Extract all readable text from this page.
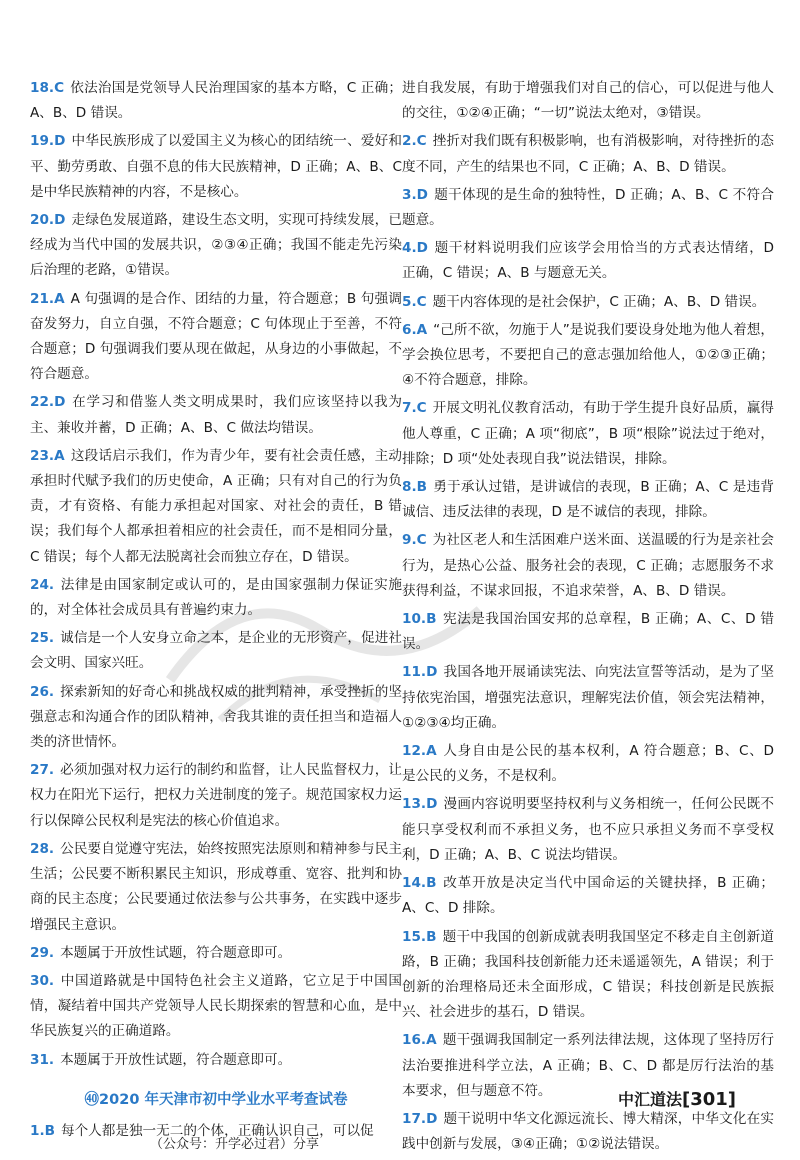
18.C 依法治国是党领导人民治理国家的基本方略，C 正确；A、B、D 错误。
19.D 中华民族形成了以爱国主义为核心的团结统一、爱好和平、勤劳勇敢、自强不息的伟大民族精神，D 正确；A、B、C 是中华民族精神的内容，不是核心。
20.D 走绿色发展道路，建设生态文明，实现可持续发展，已经成为当代中国的发展共识，②③④正确；我国不能走先污染后治理的老路，①错误。
21.A A 句强调的是合作、团结的力量，符合题意；B 句强调奋发努力，自立自强，不符合题意；C 句体现止于至善，不符合题意；D 句强调我们要从现在做起，从身边的小事做起，不符合题意。
22.D 在学习和借鉴人类文明成果时，我们应该坚持以我为主、兼收并蓄，D 正确；A、B、C 做法均错误。
23.A 这段话启示我们，作为青少年，要有社会责任感，主动承担时代赋予我们的历史使命，A 正确；只有对自己的行为负责，才有资格、有能力承担起对国家、对社会的责任，B 错误；我们每个人都承担着相应的社会责任，而不是相同分量，C 错误；每个人都无法脱离社会而独立存在，D 错误。
24. 法律是由国家制定或认可的，是由国家强制力保证实施的，对全体社会成员具有普遍约束力。
25. 诚信是一个人安身立命之本，是企业的无形资产，促进社会文明、国家兴旺。
26. 探索新知的好奇心和挑战权威的批判精神，承受挫折的坚强意志和沟通合作的团队精神，舍我其谁的责任担当和造福人类的济世情怀。
27. 必须加强对权力运行的制约和监督，让人民监督权力，让权力在阳光下运行，把权力关进制度的笼子。规范国家权力运行以保障公民权利是宪法的核心价值追求。
28. 公民要自觉遵守宪法，始终按照宪法原则和精神参与民主生活；公民要不断积累民主知识，形成尊重、宽容、批判和协商的民主态度；公民要通过依法参与公共事务，在实践中逐步增强民主意识。
29. 本题属于开放性试题，符合题意即可。
30. 中国道路就是中国特色社会主义道路，它立足于中国国情，凝结着中国共产党领导人民长期探索的智慧和心血，是中华民族复兴的正确道路。
31. 本题属于开放性试题，符合题意即可。
㊵2020 年天津市初中学业水平考查试卷
1.B 每个人都是独一无二的个体，正确认识自己，可以促
进自我发展，有助于增强我们对自己的信心，可以促进与他人的交往，①②④正确；“一切”说法太绝对，③错误。
2.C 挫折对我们既有积极影响，也有消极影响，对待挫折的态度不同，产生的结果也不同，C 正确；A、B、D 错误。
3.D 题干体现的是生命的独特性，D 正确；A、B、C 不符合题意。
4.D 题干材料说明我们应该学会用恰当的方式表达情绪，D 正确，C 错误；A、B 与题意无关。
5.C 题干内容体现的是社会保护，C 正确；A、B、D 错误。
6.A “己所不欲，勿施于人”是说我们要设身处地为他人着想，学会换位思考，不要把自己的意志强加给他人，①②③正确；④不符合题意，排除。
7.C 开展文明礼仪教育活动，有助于学生提升良好品质，赢得他人尊重，C 正确；A 项“彻底”，B 项“根除”说法过于绝对，排除；D 项“处处表现自我”说法错误，排除。
8.B 勇于承认过错，是讲诚信的表现，B 正确；A、C 是违背诚信、违反法律的表现，D 是不诚信的表现，排除。
9.C 为社区老人和生活困难户送米面、送温暖的行为是亲社会行为，是热心公益、服务社会的表现，C 正确；志愿服务不求获得利益，不谋求回报，不追求荣誉，A、B、D 错误。
10.B 宪法是我国治国安邦的总章程，B 正确；A、C、D 错误。
11.D 我国各地开展诵读宪法、向宪法宣誓等活动，是为了坚持依宪治国，增强宪法意识，理解宪法价值，领会宪法精神，①②③④均正确。
12.A 人身自由是公民的基本权利，A 符合题意；B、C、D 是公民的义务，不是权利。
13.D 漫画内容说明要坚持权利与义务相统一，任何公民既不能只享受权利而不承担义务，也不应只承担义务而不享受权利，D 正确；A、B、C 说法均错误。
14.B 改革开放是决定当代中国命运的关键抉择，B 正确；A、C、D 排除。
15.B 题干中我国的创新成就表明我国坚定不移走自主创新道路，B 正确；我国科技创新能力还未遥遥领先，A 错误；利于创新的治理格局还未全面形成，C 错误；科技创新是民族振兴、社会进步的基石，D 错误。
16.A 题干强调我国制定一系列法律法规，这体现了坚持厉行法治要推进科学立法，A 正确；B、C、D 都是厉行法治的基本要求，但与题意不符。
17.D 题干说明中华文化源远流长、博大精深，中华文化在实践中创新与发展，③④正确；①②说法错误。
中汇道法[301]
（公众号：升学必过君）分享
